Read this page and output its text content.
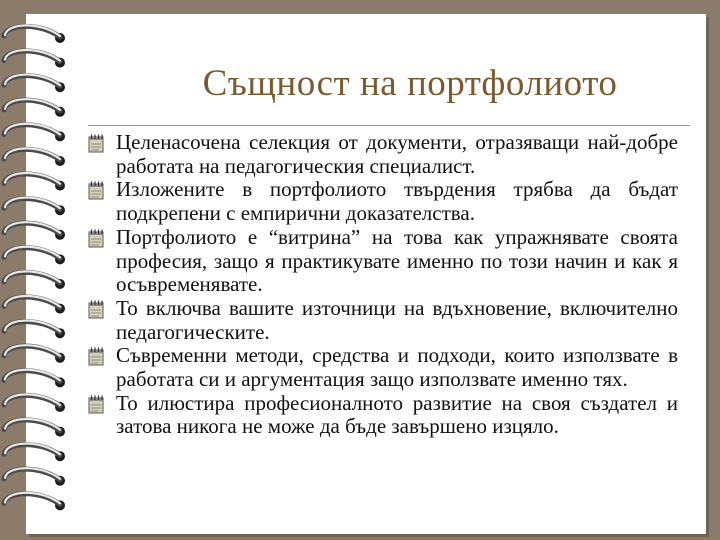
Същност на портфолиото
Целенасочена селекция от документи, отразяващи най-добре работата на педагогическия специалист.
Изложените в портфолиото твърдения трябва да бъдат подкрепени с емпирични доказателства.
Портфолиото е “витрина” на това как упражнявате своята професия, защо я практикувате именно по този начин и как я осъвременявате.
То включва вашите източници на вдъхновение, включително педагогическите.
Съвременни методи, средства и подходи, които използвате в работата си и аргументация защо използвате именно тях.
То илюстира професионалното развитие на своя създател и затова никога не може да бъде завършено изцяло.
